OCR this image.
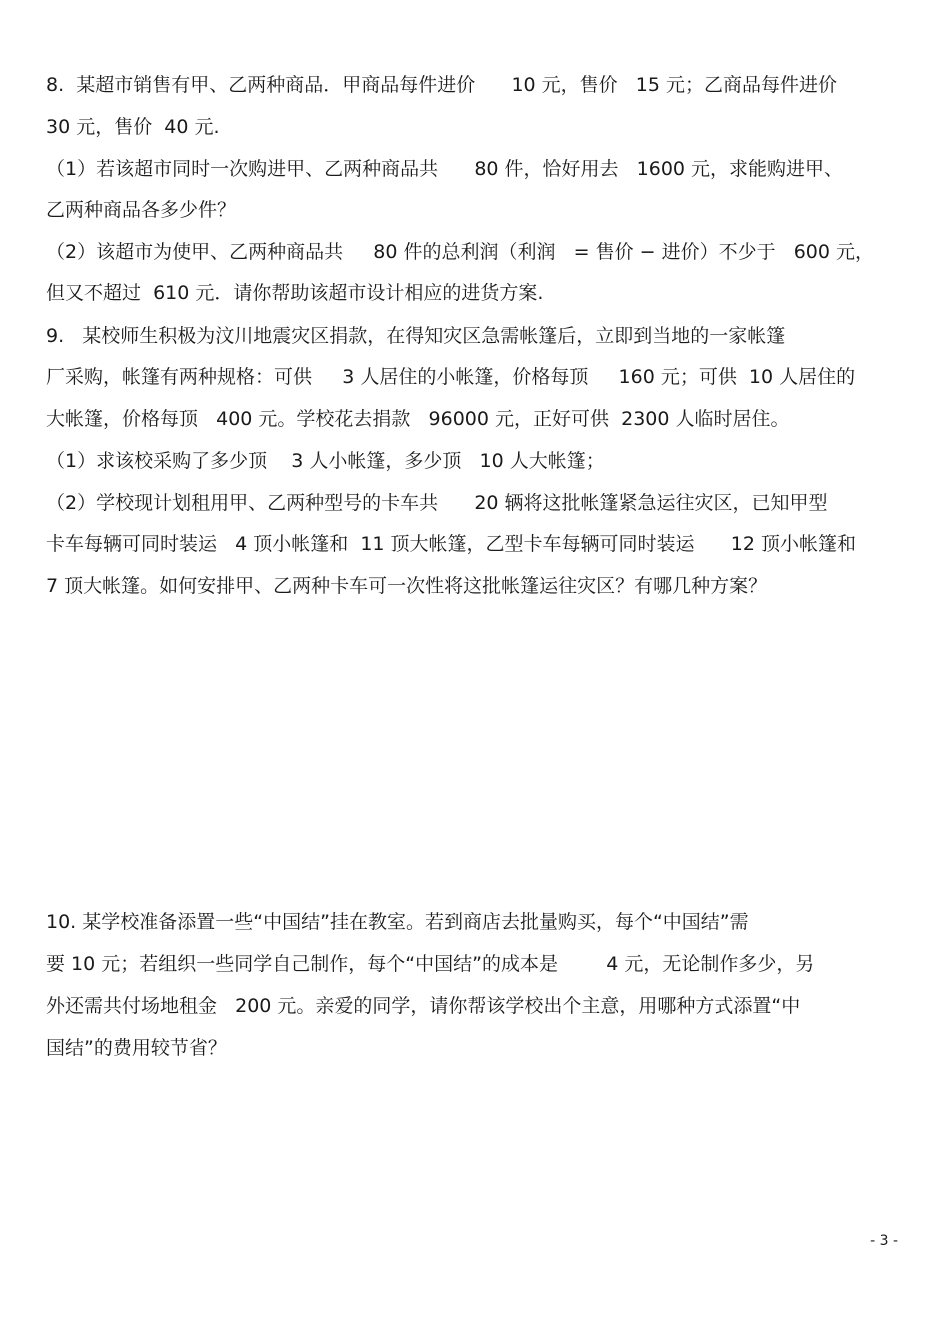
8.  某超市销售有甲、乙两种商品．甲商品每件进价      10 元，售价   15 元；乙商品每件进价

30 元，售价  40 元.

（1）若该超市同时一次购进甲、乙两种商品共      80 件，恰好用去   1600 元，求能购进甲、

乙两种商品各多少件？

（2）该超市为使甲、乙两种商品共     80 件的总利润（利润   = 售价 − 进价）不少于   600 元，

但又不超过  610 元．请你帮助该超市设计相应的进货方案.

9.   某校师生积极为汶川地震灾区捐款，在得知灾区急需帐篷后，立即到当地的一家帐篷

厂采购，帐篷有两种规格：可供     3 人居住的小帐篷，价格每顶     160 元；可供  10 人居住的

大帐篷，价格每顶   400 元。学校花去捐款   96000 元，正好可供  2300 人临时居住。

（1）求该校采购了多少顶    3 人小帐篷，多少顶   10 人大帐篷；

（2）学校现计划租用甲、乙两种型号的卡车共      20 辆将这批帐篷紧急运往灾区，已知甲型

卡车每辆可同时装运   4 顶小帐篷和  11 顶大帐篷，乙型卡车每辆可同时装运      12 顶小帐篷和

7 顶大帐篷。如何安排甲、乙两种卡车可一次性将这批帐篷运往灾区？有哪几种方案？

10. 某学校准备添置一些“中国结”挂在教室。若到商店去批量购买，每个“中国结”需

要 10 元；若组织一些同学自己制作，每个“中国结”的成本是        4 元，无论制作多少，另

外还需共付场地租金   200 元。亲爱的同学，请你帮该学校出个主意，用哪种方式添置“中

国结”的费用较节省？

- 3 -
